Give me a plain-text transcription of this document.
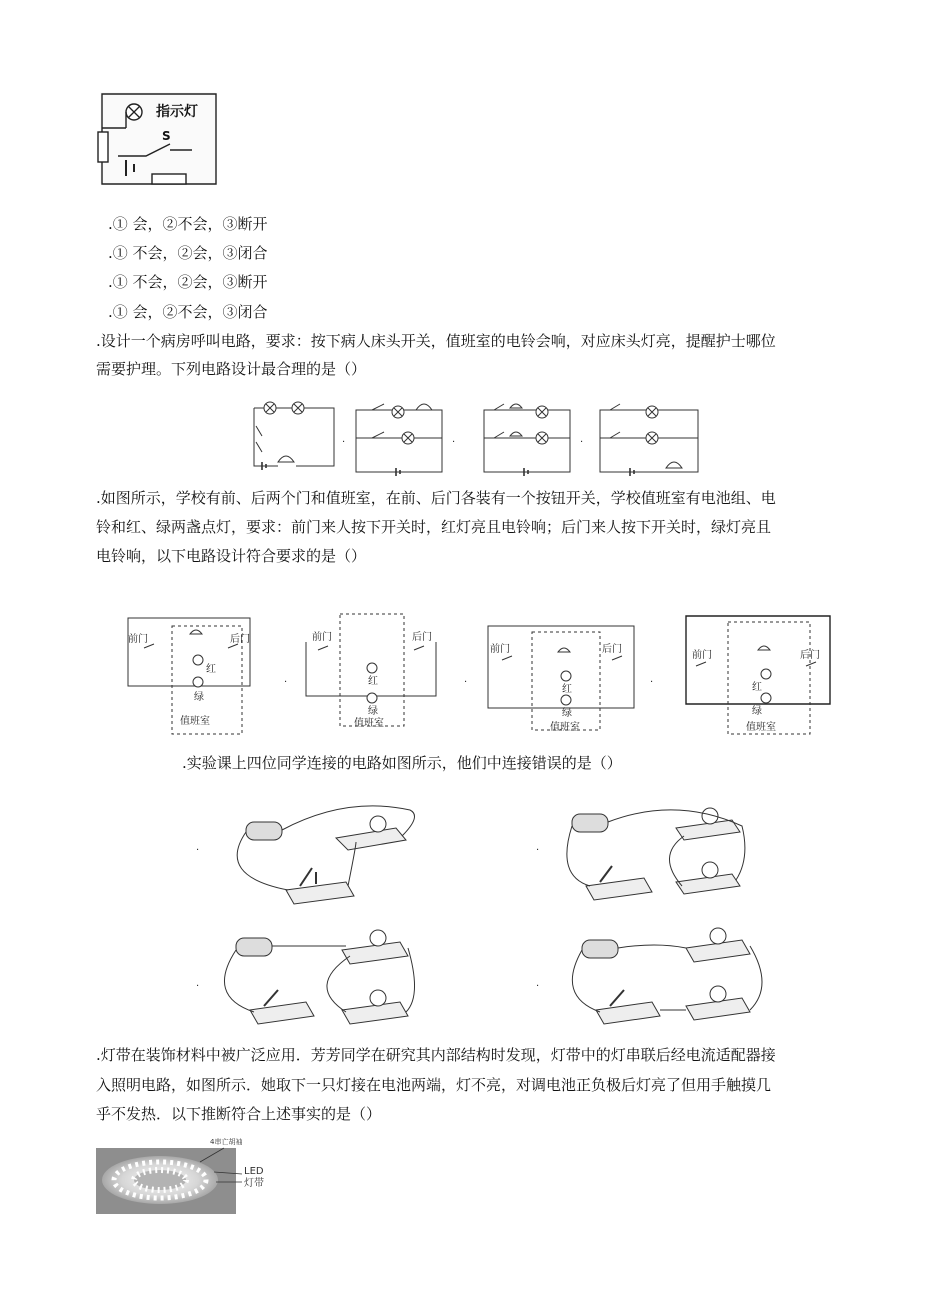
指示灯
S
.① 会，②不会，③断开
.① 不会，②会，③闭合
.① 不会，②会，③断开
.① 会，②不会，③闭合
.设计一个病房呼叫电路，要求：按下病人床头开关，值班室的电铃会响，对应床头灯亮，提醒护士哪位
需要护理。下列电路设计最合理的是（）
.	.	.
.如图所示，学校有前、后两个门和值班室，在前、后门各装有一个按钮开关，学校值班室有电池组、电
铃和红、绿两盏点灯，要求：前门来人按下开关时，红灯亮且电铃响；后门来人按下开关时，绿灯亮且
电铃响，以下电路设计符合要求的是（）
前门	后门
红
绿
值班室
.
前门	后门
红
绿
值班室
.
前门	后门
红
绿
值班室
.
前门	后门
红
绿
值班室
.实验课上四位同学连接的电路如图所示，他们中连接错误的是（）
.	.
.	.
.灯带在装饰材料中被广泛应用．芳芳同学在研究其内部结构时发现，灯带中的灯串联后经电流适配器接
入照明电路，如图所示．她取下一只灯接在电池两端，灯不亮，对调电池正负极后灯亮了但用手触摸几
乎不发热．以下推断符合上述事实的是（）
4串亡胡袖
LED
灯带
